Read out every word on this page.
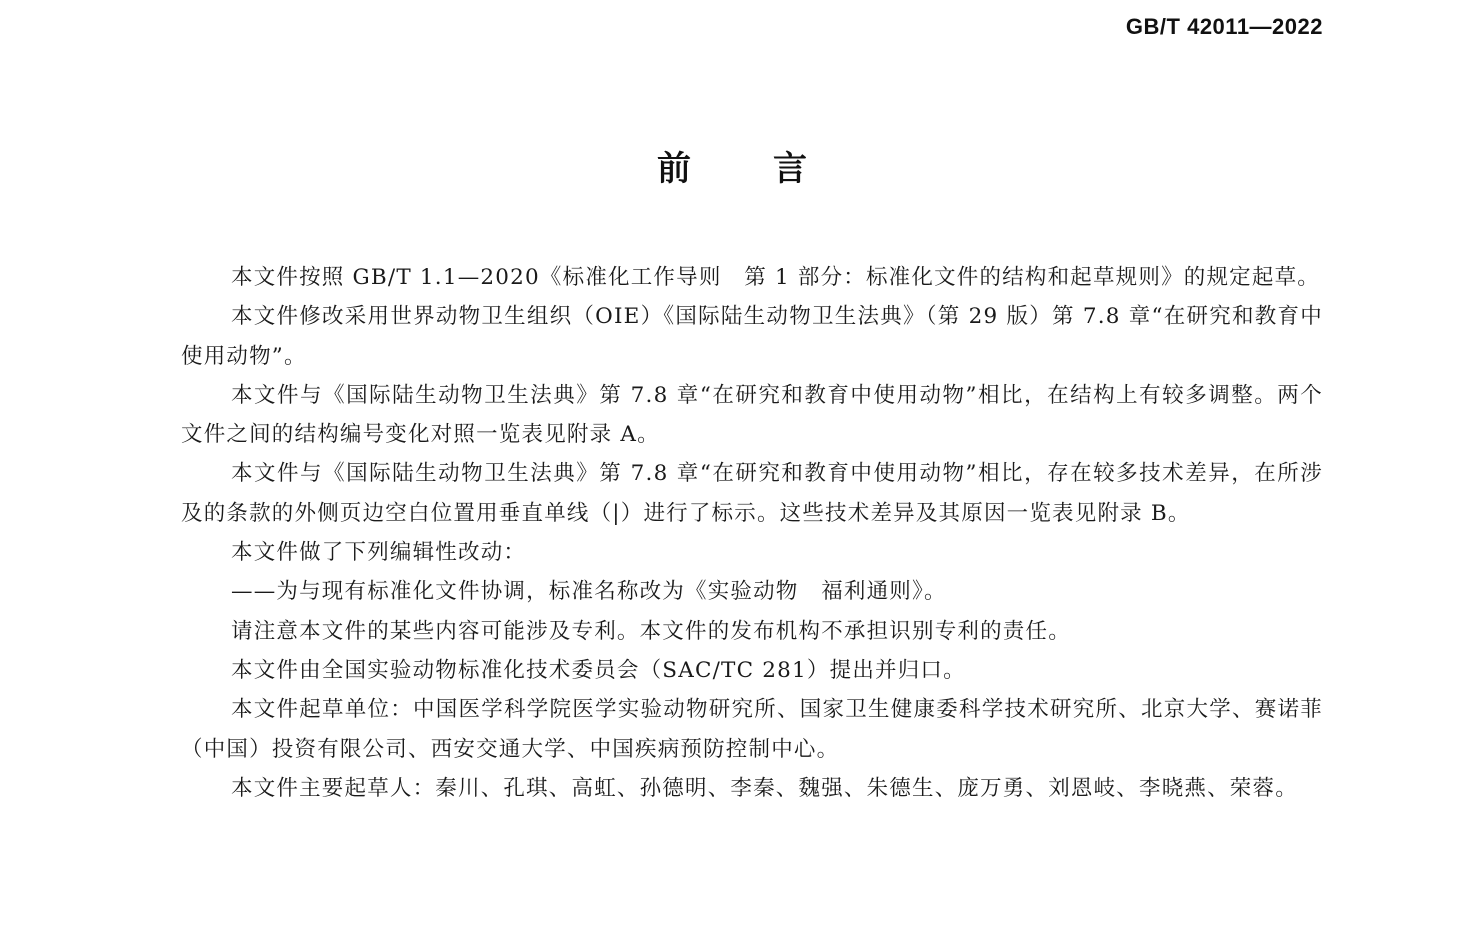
GB/T 42011—2022
前言

本文件按照 GB/T 1.1—2020《标准化工作导则　第 1 部分：标准化文件的结构和起草规则》的规定起草。

本文件修改采用世界动物卫生组织（OIE）《国际陆生动物卫生法典》（第 29 版）第 7.8 章“在研究和教育中使用动物”。

本文件与《国际陆生动物卫生法典》第 7.8 章“在研究和教育中使用动物”相比，在结构上有较多调整。两个文件之间的结构编号变化对照一览表见附录 A。

本文件与《国际陆生动物卫生法典》第 7.8 章“在研究和教育中使用动物”相比，存在较多技术差异，在所涉及的条款的外侧页边空白位置用垂直单线（|）进行了标示。这些技术差异及其原因一览表见附录 B。

本文件做了下列编辑性改动：

——为与现有标准化文件协调，标准名称改为《实验动物　福利通则》。

请注意本文件的某些内容可能涉及专利。本文件的发布机构不承担识别专利的责任。

本文件由全国实验动物标准化技术委员会（SAC/TC 281）提出并归口。

本文件起草单位：中国医学科学院医学实验动物研究所、国家卫生健康委科学技术研究所、北京大学、赛诺菲（中国）投资有限公司、西安交通大学、中国疾病预防控制中心。

本文件主要起草人：秦川、孔琪、高虹、孙德明、李秦、魏强、朱德生、庞万勇、刘恩岐、李晓燕、荣蓉。
